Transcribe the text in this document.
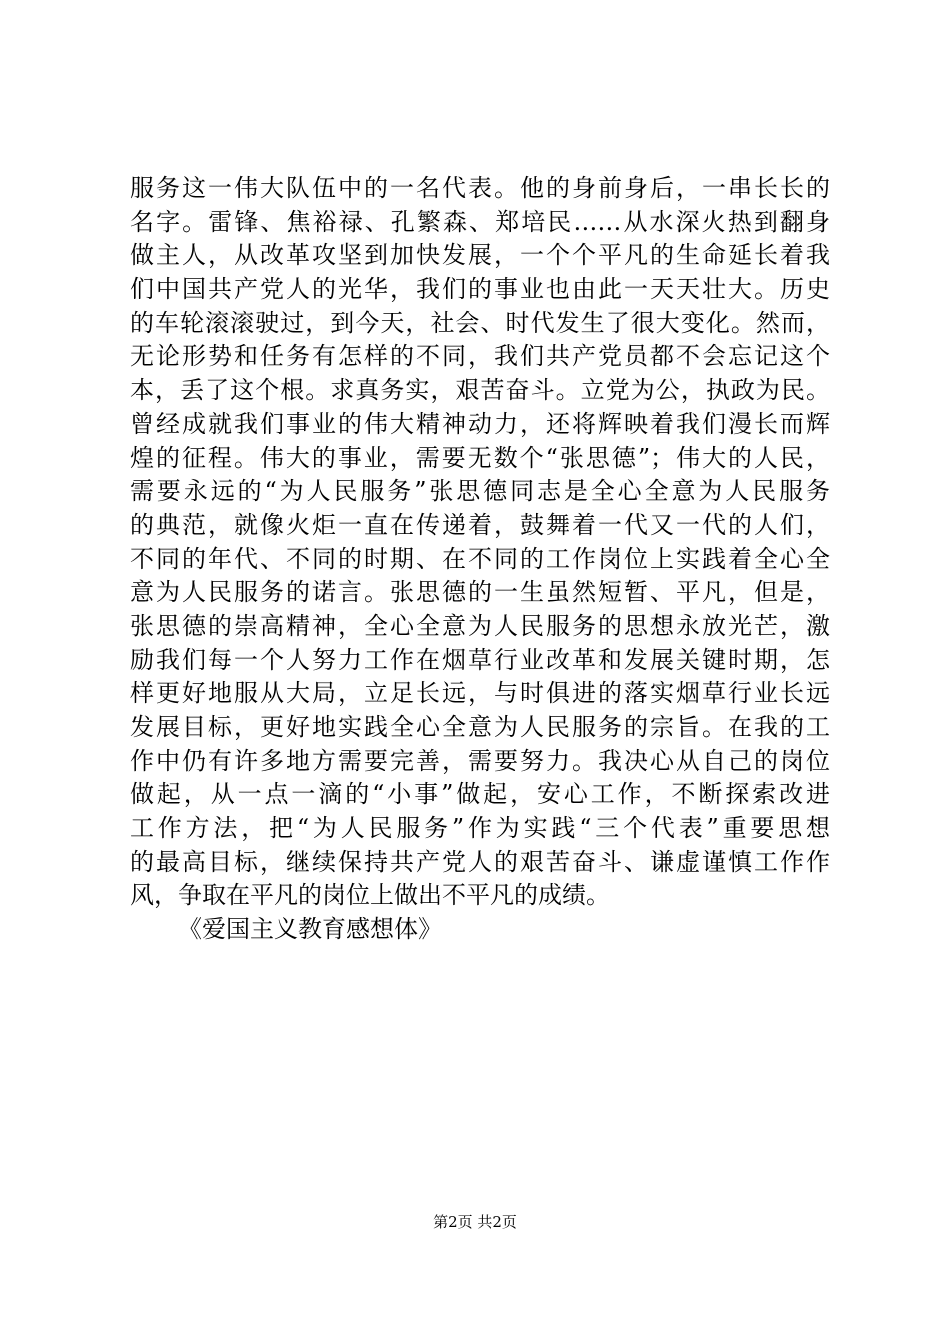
服务这一伟大队伍中的一名代表。他的身前身后，一串长长的
名字。雷锋、焦裕禄、孔繁森、郑培民……从水深火热到翻身
做主人，从改革攻坚到加快发展，一个个平凡的生命延长着我
们中国共产党人的光华，我们的事业也由此一天天壮大。历史
的车轮滚滚驶过，到今天，社会、时代发生了很大变化。然而，
无论形势和任务有怎样的不同，我们共产党员都不会忘记这个
本，丢了这个根。求真务实，艰苦奋斗。立党为公，执政为民。
曾经成就我们事业的伟大精神动力，还将辉映着我们漫长而辉
煌的征程。伟大的事业，需要无数个“张思德”；伟大的人民，
需要永远的“为人民服务”张思德同志是全心全意为人民服务
的典范，就像火炬一直在传递着，鼓舞着一代又一代的人们，
不同的年代、不同的时期、在不同的工作岗位上实践着全心全
意为人民服务的诺言。张思德的一生虽然短暂、平凡，但是，
张思德的崇高精神，全心全意为人民服务的思想永放光芒，激
励我们每一个人努力工作在烟草行业改革和发展关键时期，怎
样更好地服从大局，立足长远，与时俱进的落实烟草行业长远
发展目标，更好地实践全心全意为人民服务的宗旨。在我的工
作中仍有许多地方需要完善，需要努力。我决心从自己的岗位
做起，从一点一滴的“小事”做起，安心工作，不断探索改进
工作方法，把“为人民服务”作为实践“三个代表”重要思想
的最高目标，继续保持共产党人的艰苦奋斗、谦虚谨慎工作作
风，争取在平凡的岗位上做出不平凡的成绩。
《爱国主义教育感想体》
第2页 共2页
